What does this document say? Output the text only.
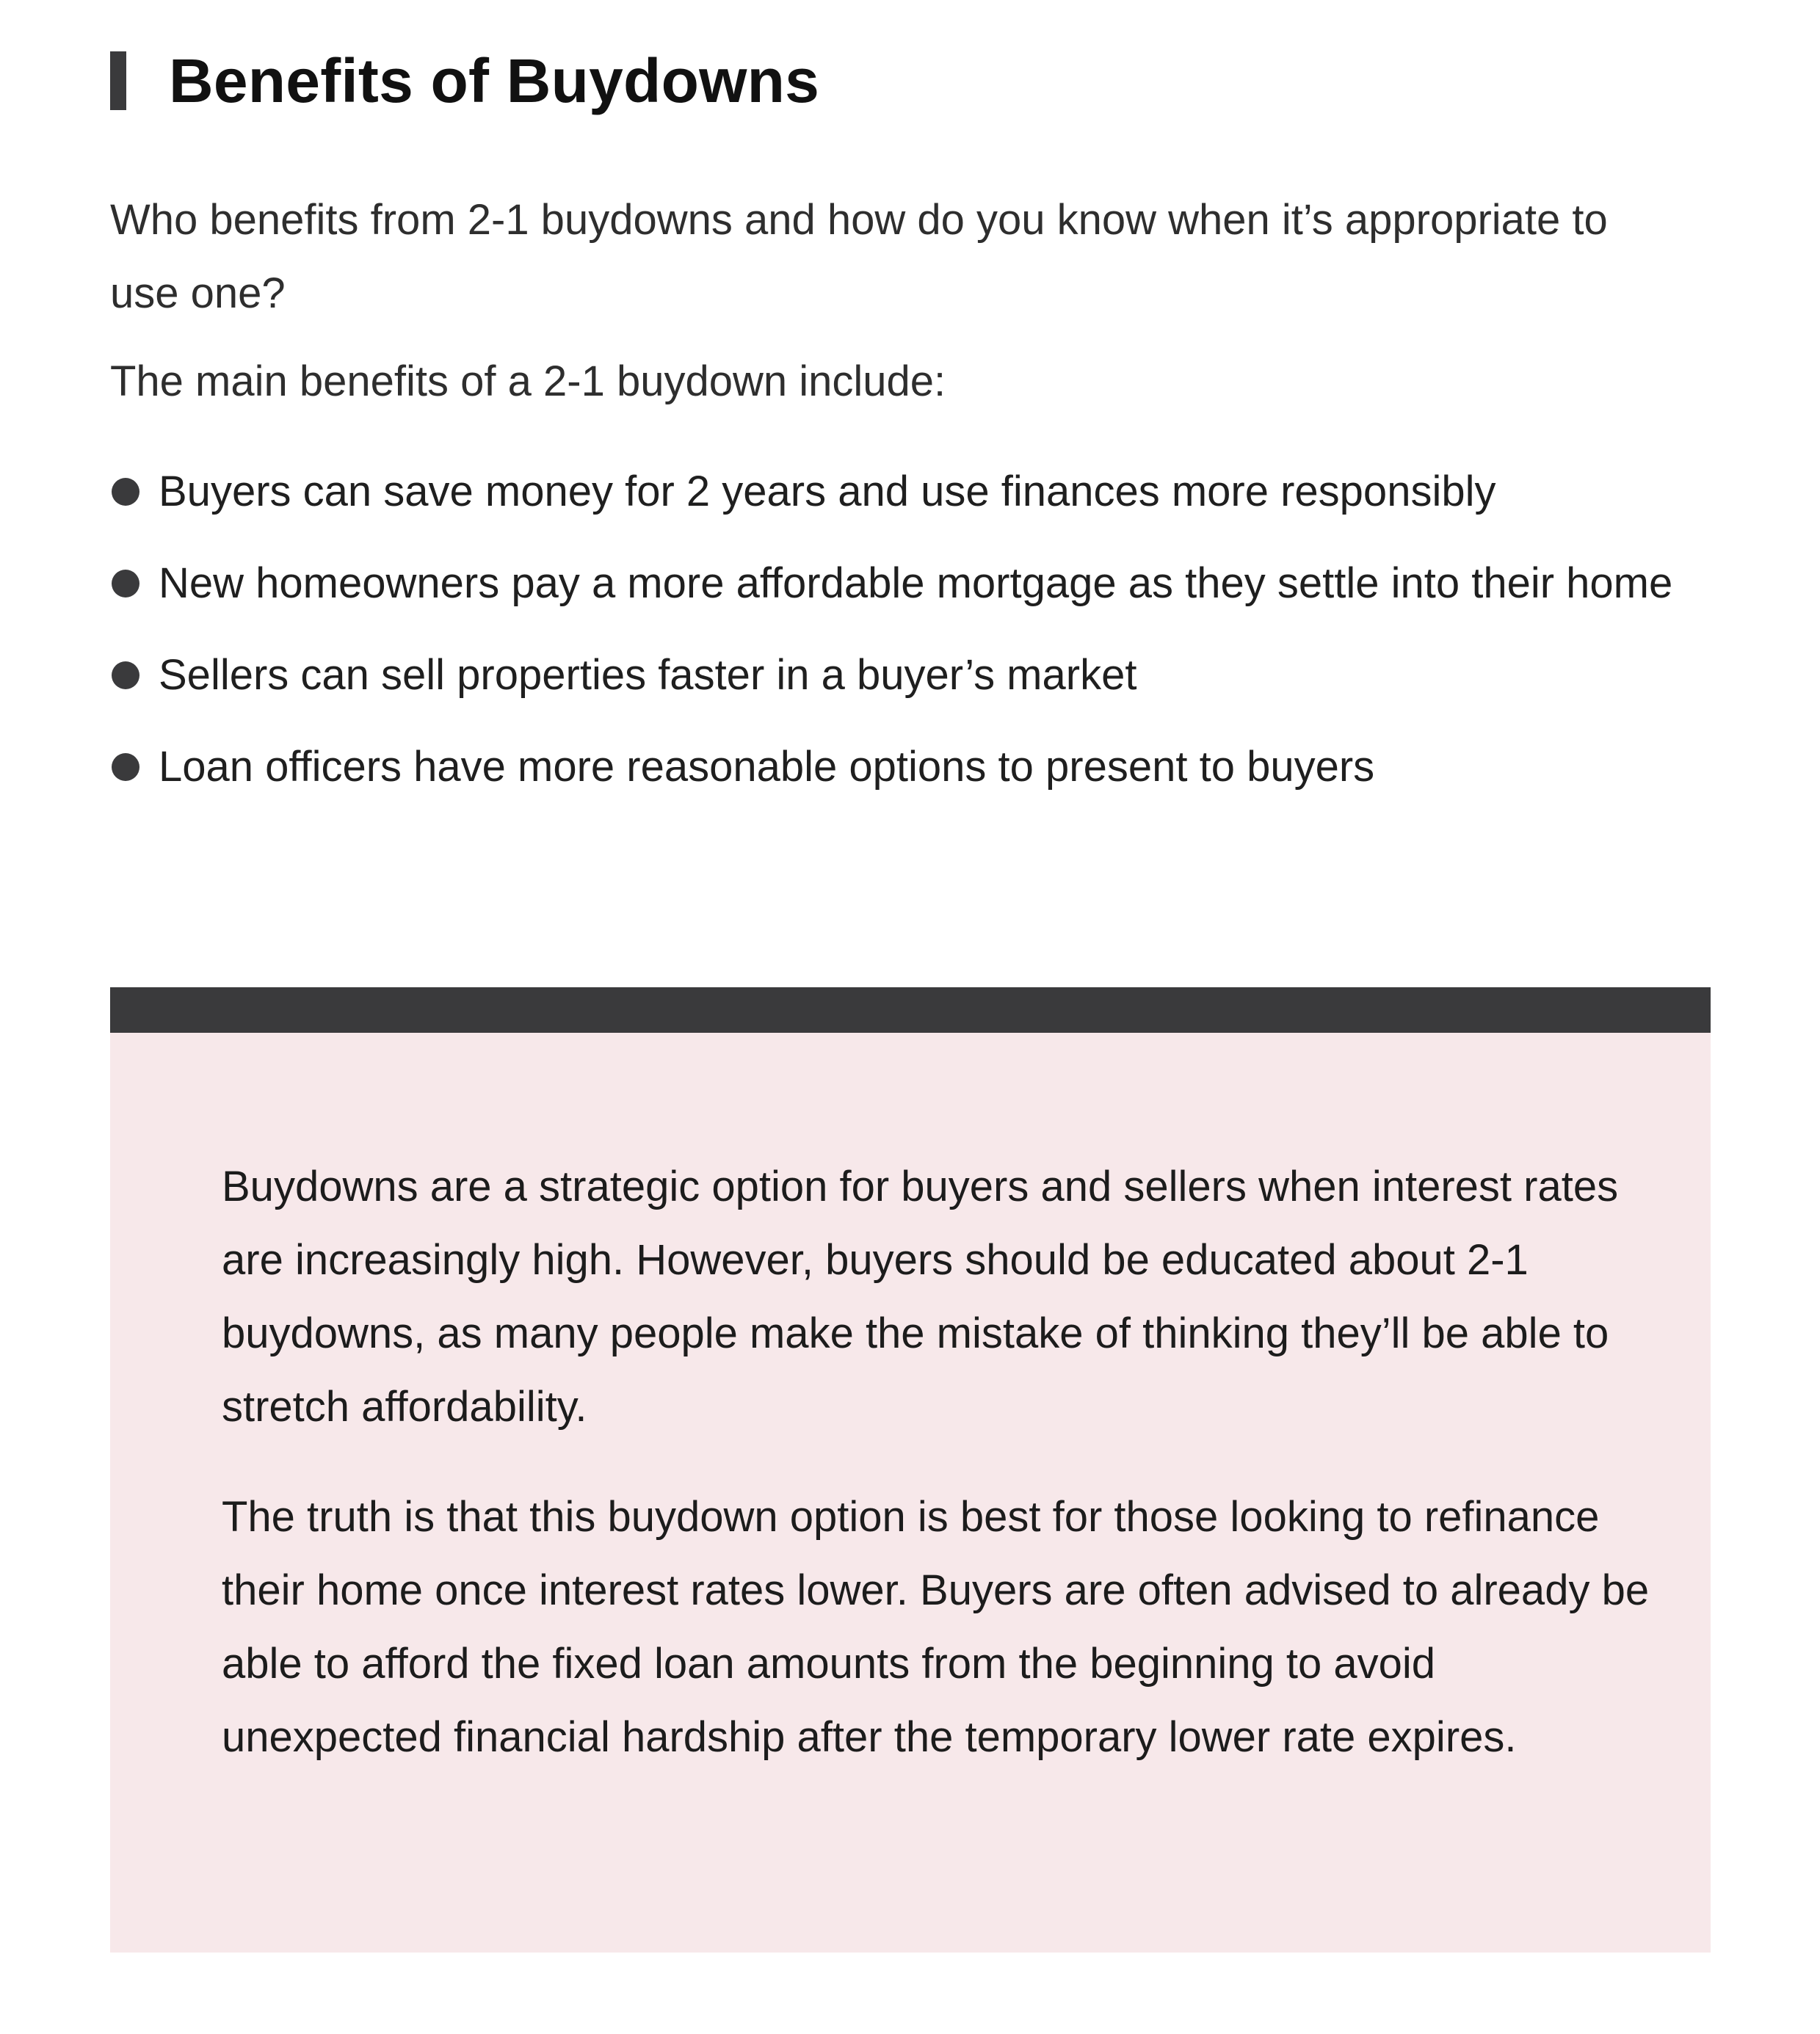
Benefits of Buydowns
Who benefits from 2-1 buydowns and how do you know when it’s appropriate to use one?
The main benefits of a 2-1 buydown include:
Buyers can save money for 2 years and use finances more responsibly
New homeowners pay a more affordable mortgage as they settle into their home
Sellers can sell properties faster in a buyer’s market
Loan officers have more reasonable options to present to buyers

Buydowns are a strategic option for buyers and sellers when interest rates are increasingly high. However, buyers should be educated about 2-1 buydowns, as many people make the mistake of thinking they’ll be able to stretch affordability.

The truth is that this buydown option is best for those looking to refinance their home once interest rates lower. Buyers are often advised to already be able to afford the fixed loan amounts from the beginning to avoid unexpected financial hardship after the temporary lower rate expires.
